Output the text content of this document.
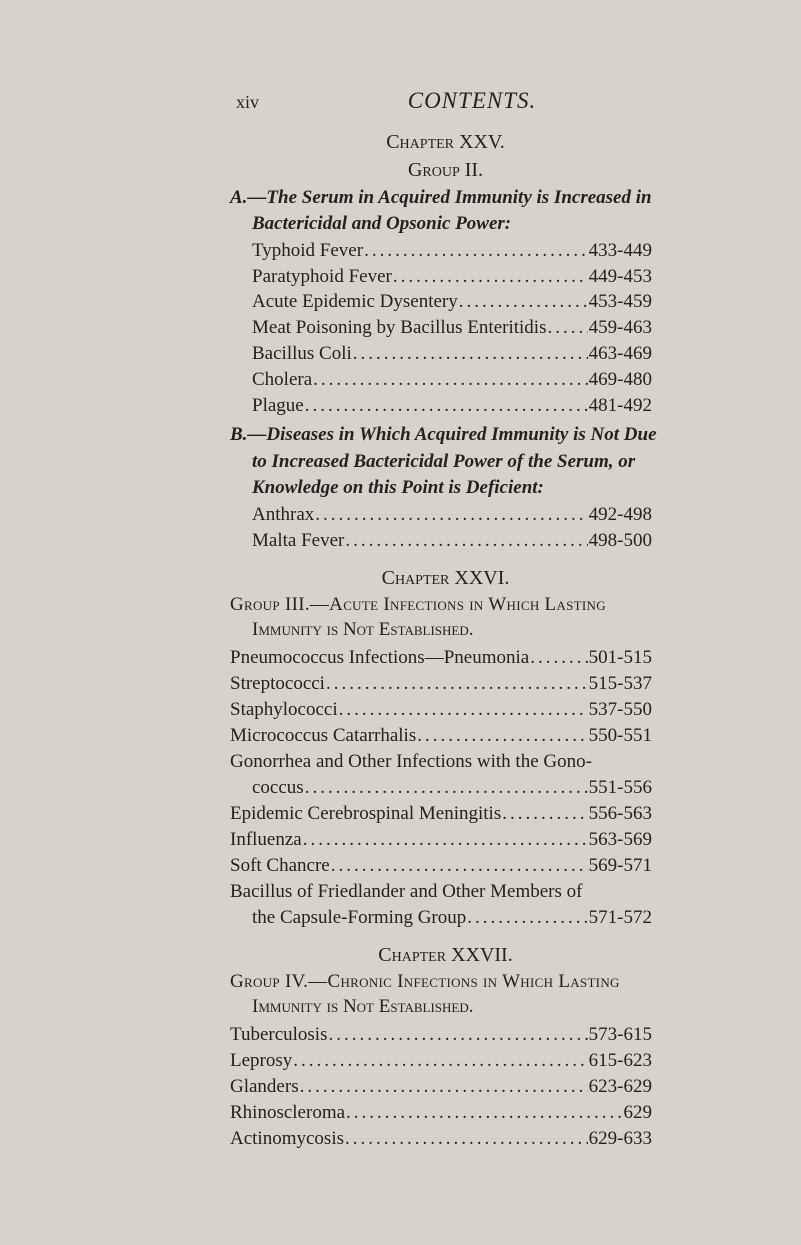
xiv	CONTENTS.
Chapter XXV.
Group II.
A.—The Serum in Acquired Immunity is Increased in
Bactericidal and Opsonic Power:
Typhoid Fever .....	433-449
Paratyphoid Fever .....	449-453
Acute Epidemic Dysentery .....	453-459
Meat Poisoning by Bacillus Enteritidis ..... 459-463
Bacillus Coli .....	463-469
Cholera .....	469-480
Plague .....	481-492
B.—Diseases in Which Acquired Immunity is Not Due
to Increased Bactericidal Power of the Serum, or
Knowledge on this Point is Deficient:
Anthrax .....	492-498
Malta Fever .....	498-500
Chapter XXVI.
Group III.—Acute Infections in Which Lasting
Immunity is Not Established.
Pneumococcus Infections—Pneumonia .....	501-515
Streptococci .....	515-537
Staphylococci .....	537-550
Micrococcus Catarrhalis .....	550-551
Gonorrhea and Other Infections with the Gono-
coccus .....	551-556
Epidemic Cerebrospinal Meningitis .....	556-563
Influenza .....	563-569
Soft Chancre .....	569-571
Bacillus of Friedlander and Other Members of
the Capsule-Forming Group .....	571-572
Chapter XXVII.
Group IV.—Chronic Infections in Which Lasting
Immunity is Not Established.
Tuberculosis .....	573-615
Leprosy .....	615-623
Glanders .....	623-629
Rhinoscleroma .....	629
Actinomycosis .....	629-633
